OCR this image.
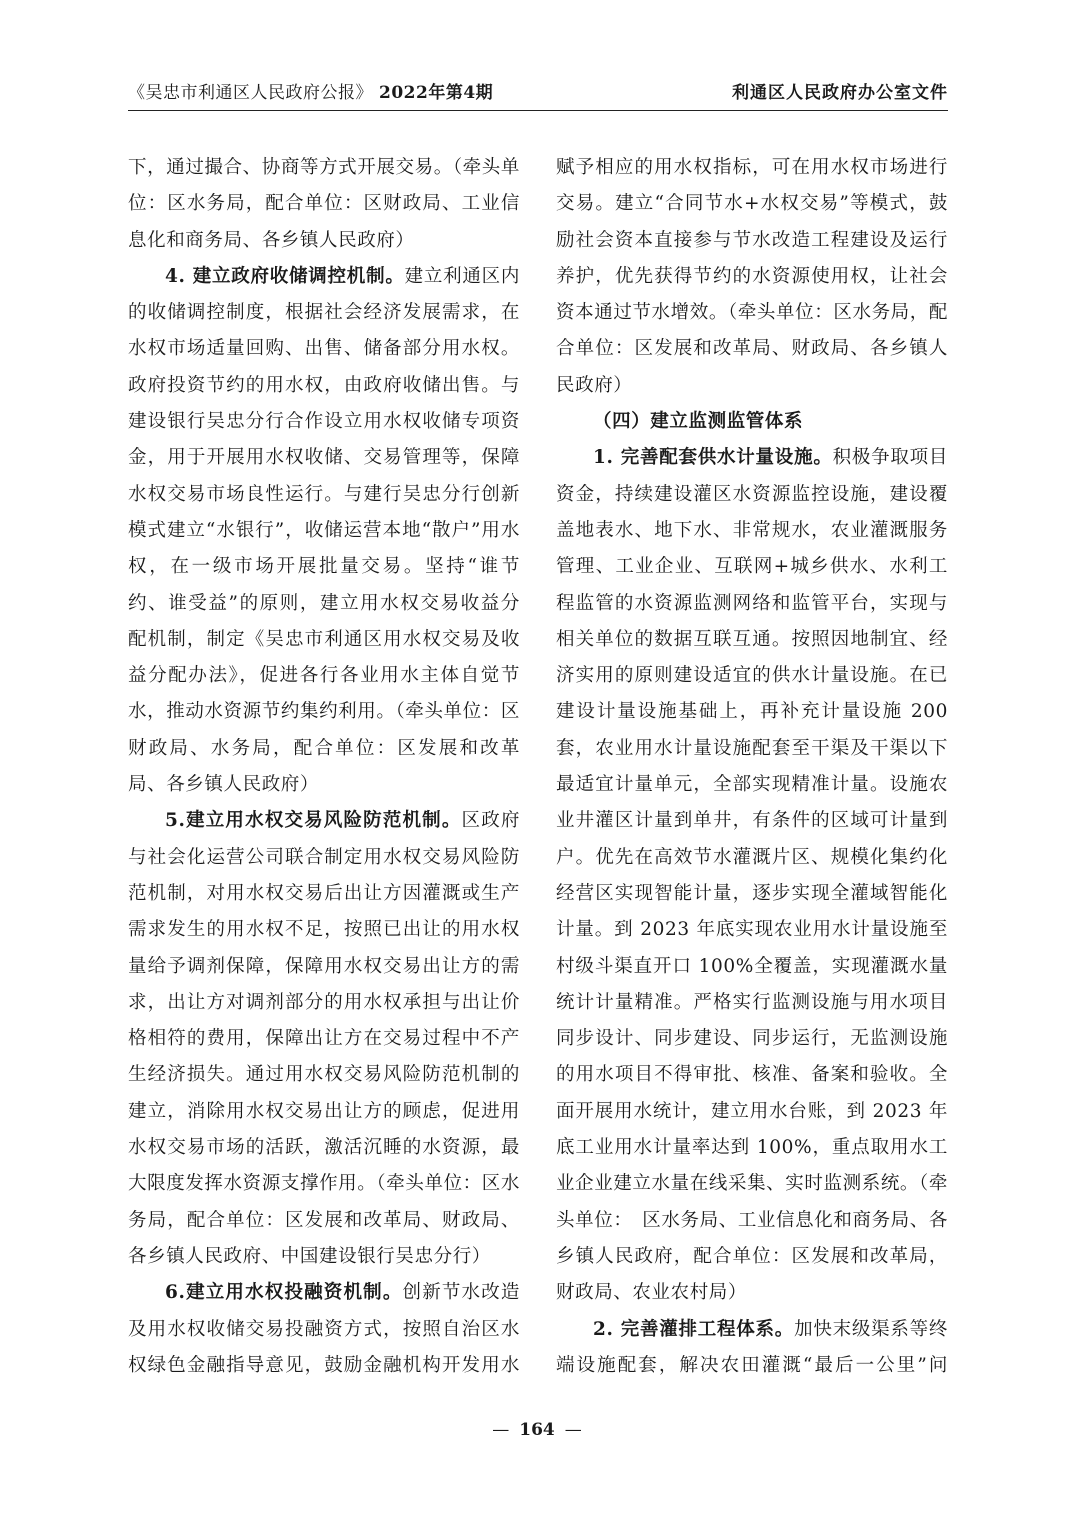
《吴忠市利通区人民政府公报》 2022年第4期	利通区人民政府办公室文件

下，通过撮合、协商等方式开展交易。（牵头单位：区水务局，配合单位：区财政局、工业信息化和商务局、各乡镇人民政府）

4. 建立政府收储调控机制。建立利通区内的收储调控制度，根据社会经济发展需求，在水权市场适量回购、出售、储备部分用水权。政府投资节约的用水权，由政府收储出售。与建设银行吴忠分行合作设立用水权收储专项资金，用于开展用水权收储、交易管理等，保障水权交易市场良性运行。与建行吴忠分行创新模式建立“水银行”，收储运营本地“散户”用水权，在一级市场开展批量交易。坚持“谁节约、谁受益”的原则，建立用水权交易收益分配机制，制定《吴忠市利通区用水权交易及收益分配办法》，促进各行各业用水主体自觉节水，推动水资源节约集约利用。（牵头单位：区财政局、水务局，配合单位：区发展和改革局、各乡镇人民政府）

5.建立用水权交易风险防范机制。区政府与社会化运营公司联合制定用水权交易风险防范机制，对用水权交易后出让方因灌溉或生产需求发生的用水权不足，按照已出让的用水权量给予调剂保障，保障用水权交易出让方的需求，出让方对调剂部分的用水权承担与出让价格相符的费用，保障出让方在交易过程中不产生经济损失。通过用水权交易风险防范机制的建立，消除用水权交易出让方的顾虑，促进用水权交易市场的活跃，激活沉睡的水资源，最大限度发挥水资源支撑作用。（牵头单位：区水务局，配合单位：区发展和改革局、财政局、各乡镇人民政府、中国建设银行吴忠分行）

6.建立用水权投融资机制。创新节水改造及用水权收储交易投融资方式，按照自治区水权绿色金融指导意见，鼓励金融机构开发用水

赋予相应的用水权指标，可在用水权市场进行交易。建立“合同节水+水权交易”等模式，鼓励社会资本直接参与节水改造工程建设及运行养护，优先获得节约的水资源使用权，让社会资本通过节水增效。（牵头单位：区水务局，配合单位：区发展和改革局、财政局、各乡镇人民政府）

（四）建立监测监管体系

1. 完善配套供水计量设施。积极争取项目资金，持续建设灌区水资源监控设施，建设覆盖地表水、地下水、非常规水，农业灌溉服务管理、工业企业、互联网+城乡供水、水利工程监管的水资源监测网络和监管平台，实现与相关单位的数据互联互通。按照因地制宜、经济实用的原则建设适宜的供水计量设施。在已建设计量设施基础上，再补充计量设施 200 套，农业用水计量设施配套至干渠及干渠以下最适宜计量单元，全部实现精准计量。设施农业井灌区计量到单井，有条件的区域可计量到户。优先在高效节水灌溉片区、规模化集约化经营区实现智能计量，逐步实现全灌域智能化计量。到 2023 年底实现农业用水计量设施至村级斗渠直开口 100%全覆盖，实现灌溉水量统计计量精准。严格实行监测设施与用水项目同步设计、同步建设、同步运行，无监测设施的用水项目不得审批、核准、备案和验收。全面开展用水统计，建立用水台账，到 2023 年底工业用水计量率达到 100%，重点取用水工业企业建立水量在线采集、实时监测系统。（牵头单位：　区水务局、工业信息化和商务局、各乡镇人民政府，配合单位：区发展和改革局，财政局、农业农村局）

2. 完善灌排工程体系。加快末级渠系等终端设施配套，解决农田灌溉“最后一公里”问

— 164 —
